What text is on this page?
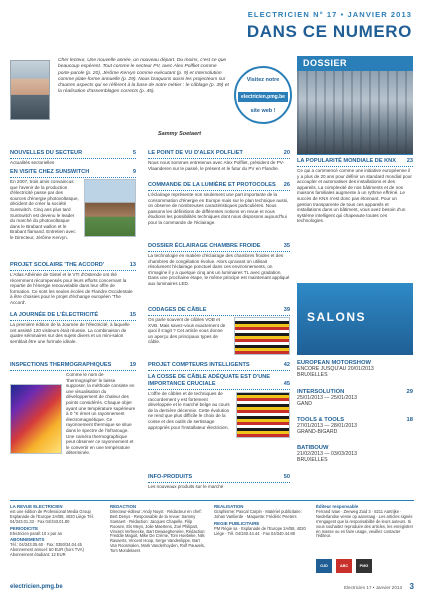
ELECTRICIEN N° 17 • JANVIER 2013
DANS CE NUMERO
Cher lecteur, Une nouvelle année, un nouveau départ. Du moins, c'est ce que beaucoup espèrent. Tout comme le secteur PV, avec Alex Polfliet comme porte-parole (p. 20), Jérôme Kervyn comme exécutant (p. 9) et Intersolution comme plate-forme annuelle (p. 29). Nous braquons aussi les projecteurs sur d'autres aspects qui se réfèrent à la base de notre métier : le câblage (p. 39) et la réalisation d'assemblages corrects (p. 45).
Sammy Soetaert
Visitez notre
electricien.pmg.be
site web !
DOSSIER
NOUVELLES DU SECTEUR	5
Actualités sectorielles
EN VISITE CHEZ SUNSWITCH	9
En 2007, trois amis convaincus que l'avenir de la production d'électricité passe par des sources d'énergie photovoltaïque, décident de créer la société Sunswitch. Cinq ans plus tard SunSwitch est devenu le leader du marché du photovoltaïque dans le Brabant wallon et le Brabant flamand. Entretien avec le Directeur, Jérôme Kervyn.
PROJET SCOLAIRE 'THE ACCORD'	13
L'Atlas Athénée de Gistel et le VTI d'Ostende ont été récemment récompensés pour leurs efforts concernant la repartie de l'énergie renouvelable dans leur offre de formation. Ce sont les seules écoles de Flandre Occidentale à être choisies pour le projet d'échange européen 'The Accord'.
LA JOURNÉE DE L'ÉLECTRICITÉ	15
La première édition de la Journée de l'électricité, à laquelle ont assisté 120 visiteurs était réussie. La combinaison de quatre séminaires sur des sujets divers et un mini-salon semblait être une formule idéale.
INSPECTIONS THERMOGRAPHIQUES	19
Comme le nom de 'thermographie' le laisse supposer, la méthode consiste en une visualisation du développement de chaleur des points considérés. Chaque objet ayant une température supérieure à 0 °K émet un rayonnement électromagnétique. Ce rayonnement thermique se situe dans le spectre de l'infrarouge. Une caméra thermographique peut observer ce rayonnement et le convertir en une température déterminée.
LE POINT DE VU D'ALEX POLFLIET	20
Nous nous sommes entretenus avec Alex Polfliet, président de PV-Vlaanderen sur le passé, le présent et le futur du PV en Flandre.
COMMANDE DE LA LUMIÈRE ET PROTOCOLES 26
L'éclairage représente non seulement une part importante de la consommation d'énergie en Europe mais sur le plan technique aussi, on observe de nombreuses caractéristiques particulières. Nous passons les définitions de différentes notions en revue et nous étudions les possibilités techniques dont nous disposons aujourd'hui pour la commande de l'éclairage.
DOSSIER ÉCLAIRAGE CHAMBRE FROIDE	35
La technologie en matière d'éclairage des chambres froides et des chambres de congélation évolue. Alors qu'avant on utilisait résolument l'éclairage ponctuel dans ces environnements, on s'imagine il y a quelque cinq ans un luminaires TL avec gradation. Dans une prochaine étape, le même principe est maintenant appliqué aux luminaires LED.
CODAGES DE CÂBLE	39
On parle souvent de câbles VOB et XVB. Mais savez-vous exactement de quoi il s'agit ? Cet article vous donne un aperçu des principaux types de câble.
PROJET COMPTEURS INTELLIGENTS	42
LA COSSE DE CÂBLE ADÉQUATE EST D'UNE IMPORTANCE CRUCIALE	45
L'offre de câbles et de techniques de raccordement y est fortement développée et le marché belge au cours de la dernière décennie. Cette évolution ne rend que plus difficile le choix de la cosse et des outils de sertissage appropriés pour l'installateur électricien.
INFO-PRODUITS	50
Les nouveaux produits sur le marché
LA POPULARITÉ MONDIALE DE KNX 23
Ce qui a commencé comme une initiative européenne il y a plus de 20 ans pour définir un standard mondial pour accoupler et automatiser des installations et des appareils. La complexité de nos bâtiments et de nos maisons familiales augmente à un rythme effréné. Le succès de KNX n'est donc pas étonnant. Pour un gestion transparente de tous ces appareils et installations dans un bâtiment, vous avez besoin d'un système intelligent qui chapeaute toutes ces technologies.
SALONS
EUROPEAN MOTORSHOW
ENCORE JUSQU'AU 20/01/2013
BRUXELLES
INTERSOLUTION	29
25/01/2013 — 25/01/2013
GAND
TOOLS & TOOLS	18
27/01/2013 — 28/01/2013
GRAND-BIGARD
BATIBOUW
21/02/2013 — 03/03/2013
BRUXELLES
LA REVUE ELECTRICIEN
est une édition de Professional Media Group Esplanade de l'Europe 2A/B8, 4020 Liège Tél. 04/343.01.33 · Fax 04/343.01.80
PERIODICITE
Electricien paraît 10 x par an
ABONNEMENTS
Tél.: 04/343.05.60 · Fax: 0350/34.04.45 Abonnement annuel: 60 EUR (hors TVA) Abonnement étudiant: 12 EUR
REDACTION
Directeur-éditeur: Andy Nuyst · Rédacteur en chef: Bert Denys · Responsable de la revue: Sammy Soetaert · Rédaction: Jacques Chapelle, Filip Roosen, Els Meys, Jolie Maertens, Zoé Philipart, Vincent Verheecke, Bart Dewaegheneire, Rédaction: Freddie Magoit, Mike De Crème, Tom Hoebeke, Nils Ravaerts, Vincent Hoop, Serge Vandenlippe, Bart Van Roosmalen, Mark Vanderhoyden, Rolf Pauwels, Tom Mondelaers
REALISATION
Graphisme: Pascal Carpin · Matériel publicitaire: Johan Vanlierde · Maquette: Frédéric Peeters
REGIE PUBLICITAIRE
PM Régie sa · Esplanade de l'Europe 2A/B8, 4020 Liège · Tél. 04/340.44.44 · Fax 04/340.44.88
Éditeur responsable
Ferrand Ivaw · Zeeweg Zuid 3 · 8211 Aartrijke · Nederlandse versie op aanvraag · Les articles signés n'engagent que la responsabilité de leurs auteurs. Si vous souhaitez reproduire des articles, les enregistrer en masse ou en faire usage, veuillez contacter l'éditeur.
OJD	ABC	PMG
electricien.pmg.be	Electricien 17 • Janvier 2013 3
